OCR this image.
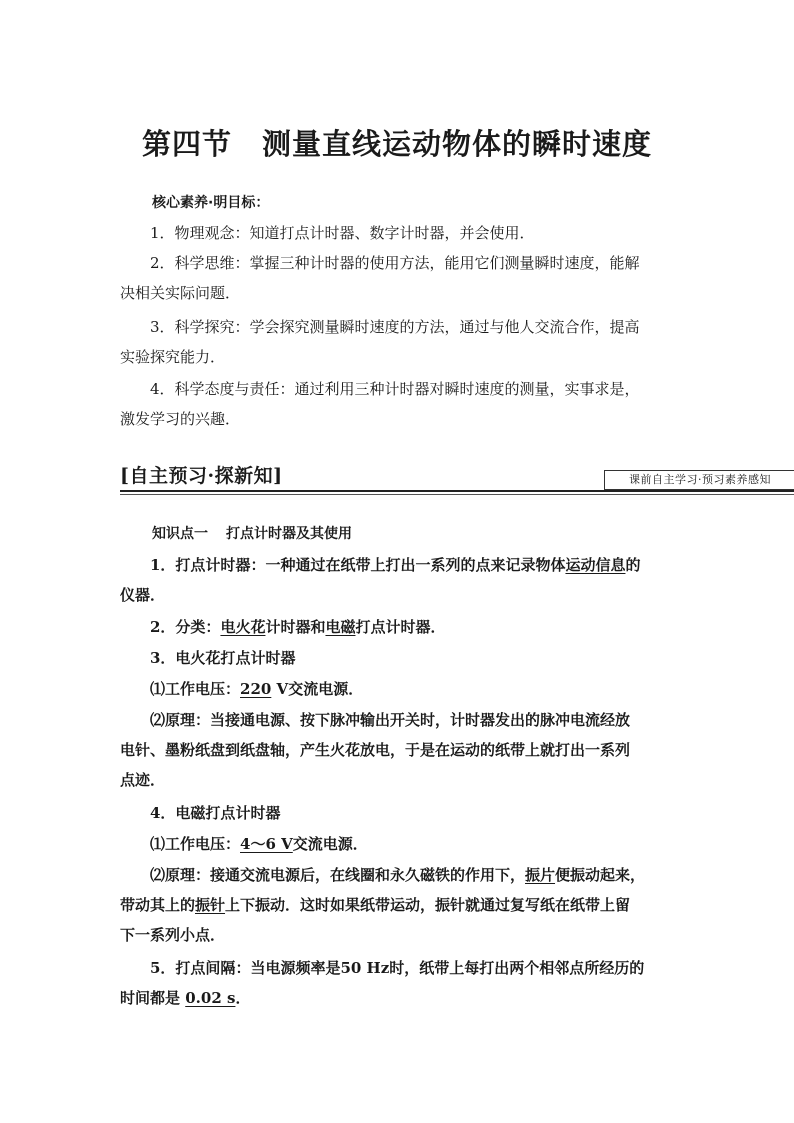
第四节 测量直线运动物体的瞬时速度
核心素养·明目标：
1．物理观念：知道打点计时器、数字计时器，并会使用．
2．科学思维：掌握三种计时器的使用方法，能用它们测量瞬时速度，能解
决相关实际问题．
3．科学探究：学会探究测量瞬时速度的方法，通过与他人交流合作，提高
实验探究能力．
4．科学态度与责任：通过利用三种计时器对瞬时速度的测量，实事求是，
激发学习的兴趣．
[自主预习·探新知]	课前自主学习·预习素养感知
知识点一 打点计时器及其使用
1．打点计时器：一种通过在纸带上打出一系列的点来记录物体运动信息的
仪器．
2．分类：电火花计时器和电磁打点计时器．
3．电火花打点计时器
⑴工作电压：220 V交流电源．
⑵原理：当接通电源、按下脉冲输出开关时，计时器发出的脉冲电流经放
电针、墨粉纸盘到纸盘轴，产生火花放电，于是在运动的纸带上就打出一系列
点迹．
4．电磁打点计时器
⑴工作电压：4～6 V交流电源．
⑵原理：接通交流电源后，在线圈和永久磁铁的作用下，振片便振动起来，
带动其上的振针上下振动．这时如果纸带运动，振针就通过复写纸在纸带上留
下一系列小点．
5．打点间隔：当电源频率是50 Hz时，纸带上每打出两个相邻点所经历的
时间都是 0.02 s．
